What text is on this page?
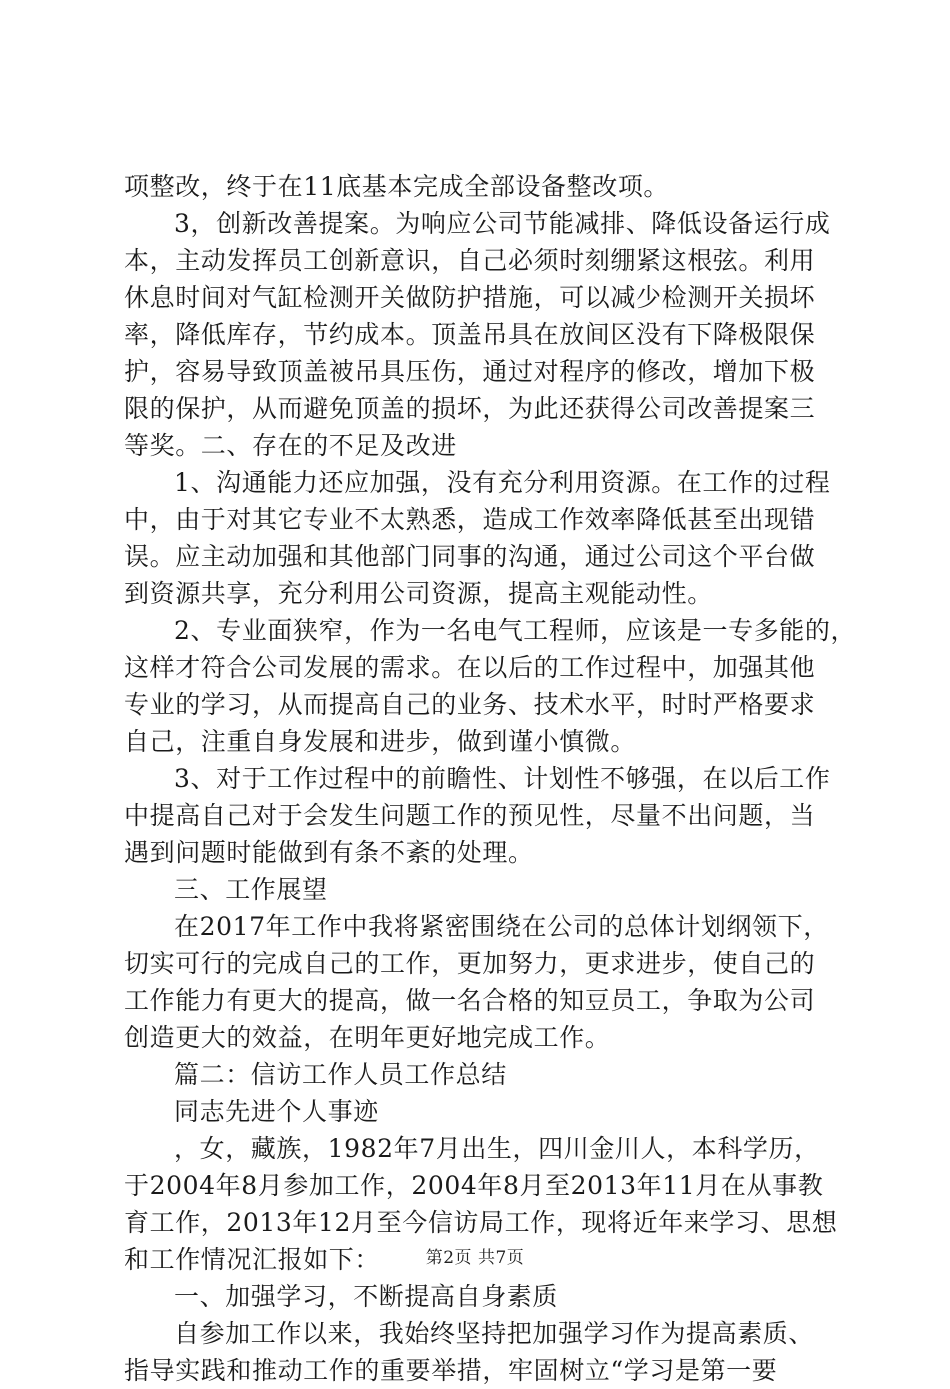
项整改，终于在11底基本完成全部设备整改项。
3，创新改善提案。为响应公司节能减排、降低设备运行成
本，主动发挥员工创新意识，自己必须时刻绷紧这根弦。利用
休息时间对气缸检测开关做防护措施，可以减少检测开关损坏
率，降低库存，节约成本。顶盖吊具在放间区没有下降极限保
护，容易导致顶盖被吊具压伤，通过对程序的修改，增加下极
限的保护，从而避免顶盖的损坏，为此还获得公司改善提案三
等奖。二、存在的不足及改进
1、沟通能力还应加强，没有充分利用资源。在工作的过程
中，由于对其它专业不太熟悉，造成工作效率降低甚至出现错
误。应主动加强和其他部门同事的沟通，通过公司这个平台做
到资源共享，充分利用公司资源，提高主观能动性。
2、专业面狭窄，作为一名电气工程师，应该是一专多能的，
这样才符合公司发展的需求。在以后的工作过程中，加强其他
专业的学习，从而提高自己的业务、技术水平，时时严格要求
自己，注重自身发展和进步，做到谨小慎微。
3、对于工作过程中的前瞻性、计划性不够强，在以后工作
中提高自己对于会发生问题工作的预见性，尽量不出问题，当
遇到问题时能做到有条不紊的处理。
三、工作展望
在2017年工作中我将紧密围绕在公司的总体计划纲领下，
切实可行的完成自己的工作，更加努力，更求进步，使自己的
工作能力有更大的提高，做一名合格的知豆员工，争取为公司
创造更大的效益，在明年更好地完成工作。
篇二：信访工作人员工作总结
同志先进个人事迹
，女，藏族，1982年7月出生，四川金川人，本科学历，
于2004年8月参加工作，2004年8月至2013年11月在从事教
育工作，2013年12月至今信访局工作，现将近年来学习、思想
和工作情况汇报如下：
一、加强学习，不断提高自身素质
自参加工作以来，我始终坚持把加强学习作为提高素质、
指导实践和推动工作的重要举措，牢固树立“学习是第一要
第2页 共7页
